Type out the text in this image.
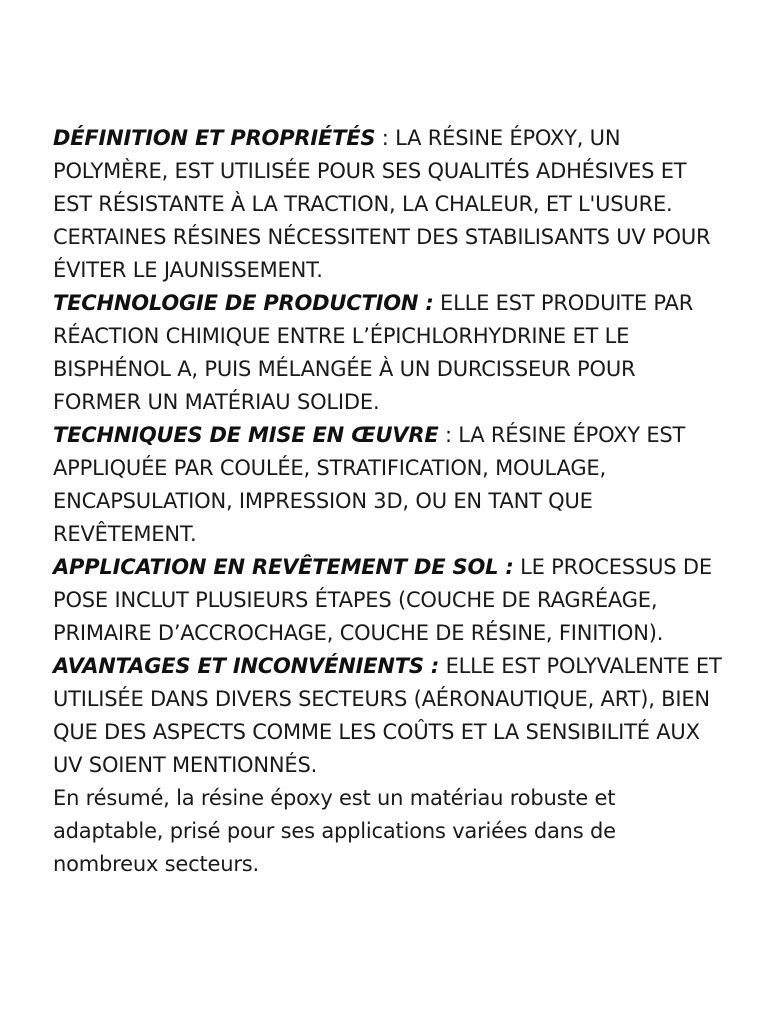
DÉFINITION ET PROPRIÉTÉS : LA RÉSINE ÉPOXY, UN POLYMÈRE, EST UTILISÉE POUR SES QUALITÉS ADHÉSIVES ET EST RÉSISTANTE À LA TRACTION, LA CHALEUR, ET L'USURE. CERTAINES RÉSINES NÉCESSITENT DES STABILISANTS UV POUR ÉVITER LE JAUNISSEMENT.

TECHNOLOGIE DE PRODUCTION : ELLE EST PRODUITE PAR RÉACTION CHIMIQUE ENTRE L’ÉPICHLORHYDRINE ET LE BISPHÉNOL A, PUIS MÉLANGÉE À UN DURCISSEUR POUR FORMER UN MATÉRIAU SOLIDE.

TECHNIQUES DE MISE EN ŒUVRE : LA RÉSINE ÉPOXY EST APPLIQUÉE PAR COULÉE, STRATIFICATION, MOULAGE, ENCAPSULATION, IMPRESSION 3D, OU EN TANT QUE REVÊTEMENT.

APPLICATION EN REVÊTEMENT DE SOL : LE PROCESSUS DE POSE INCLUT PLUSIEURS ÉTAPES (COUCHE DE RAGRÉAGE, PRIMAIRE D’ACCROCHAGE, COUCHE DE RÉSINE, FINITION).

AVANTAGES ET INCONVÉNIENTS : ELLE EST POLYVALENTE ET UTILISÉE DANS DIVERS SECTEURS (AÉRONAUTIQUE, ART), BIEN QUE DES ASPECTS COMME LES COÛTS ET LA SENSIBILITÉ AUX UV SOIENT MENTIONNÉS.

En résumé, la résine époxy est un matériau robuste et adaptable, prisé pour ses applications variées dans de nombreux secteurs.
